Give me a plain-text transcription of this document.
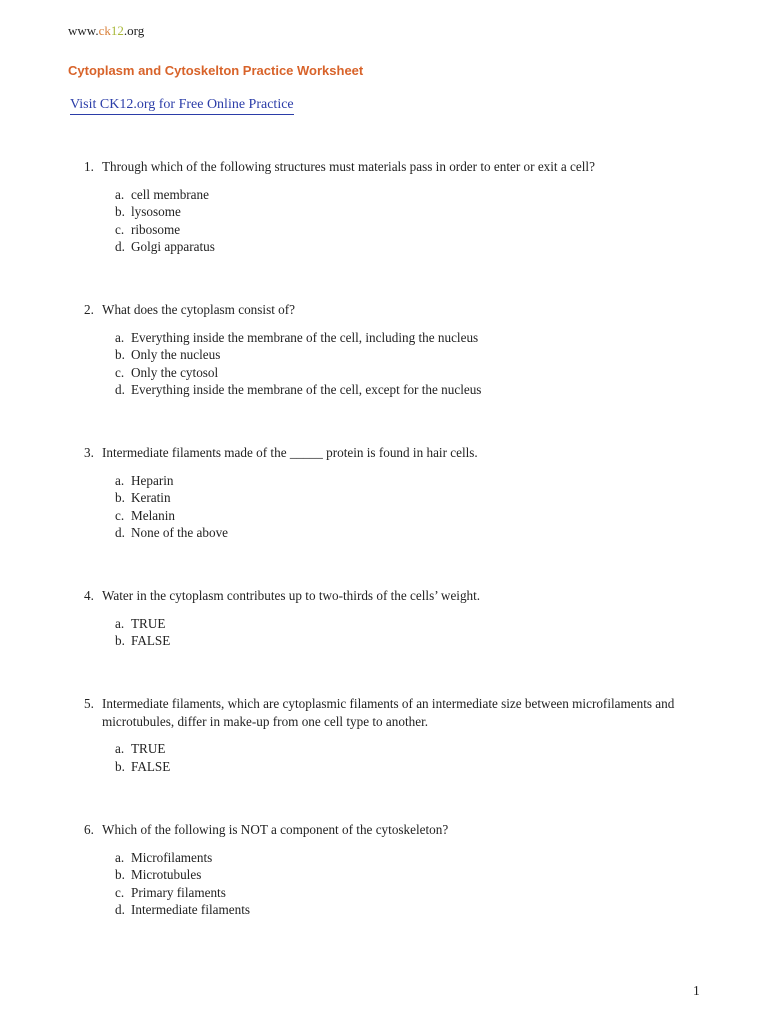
www.ck12.org
Cytoplasm and Cytoskelton Practice Worksheet
Visit CK12.org for Free Online Practice
1. Through which of the following structures must materials pass in order to enter or exit a cell?
a. cell membrane
b. lysosome
c. ribosome
d. Golgi apparatus
2. What does the cytoplasm consist of?
a. Everything inside the membrane of the cell, including the nucleus
b. Only the nucleus
c. Only the cytosol
d. Everything inside the membrane of the cell, except for the nucleus
3. Intermediate filaments made of the _____ protein is found in hair cells.
a. Heparin
b. Keratin
c. Melanin
d. None of the above
4. Water in the cytoplasm contributes up to two-thirds of the cells’ weight.
a. TRUE
b. FALSE
5. Intermediate filaments, which are cytoplasmic filaments of an intermediate size between microfilaments and microtubules, differ in make-up from one cell type to another.
a. TRUE
b. FALSE
6. Which of the following is NOT a component of the cytoskeleton?
a. Microfilaments
b. Microtubules
c. Primary filaments
d. Intermediate filaments
1
